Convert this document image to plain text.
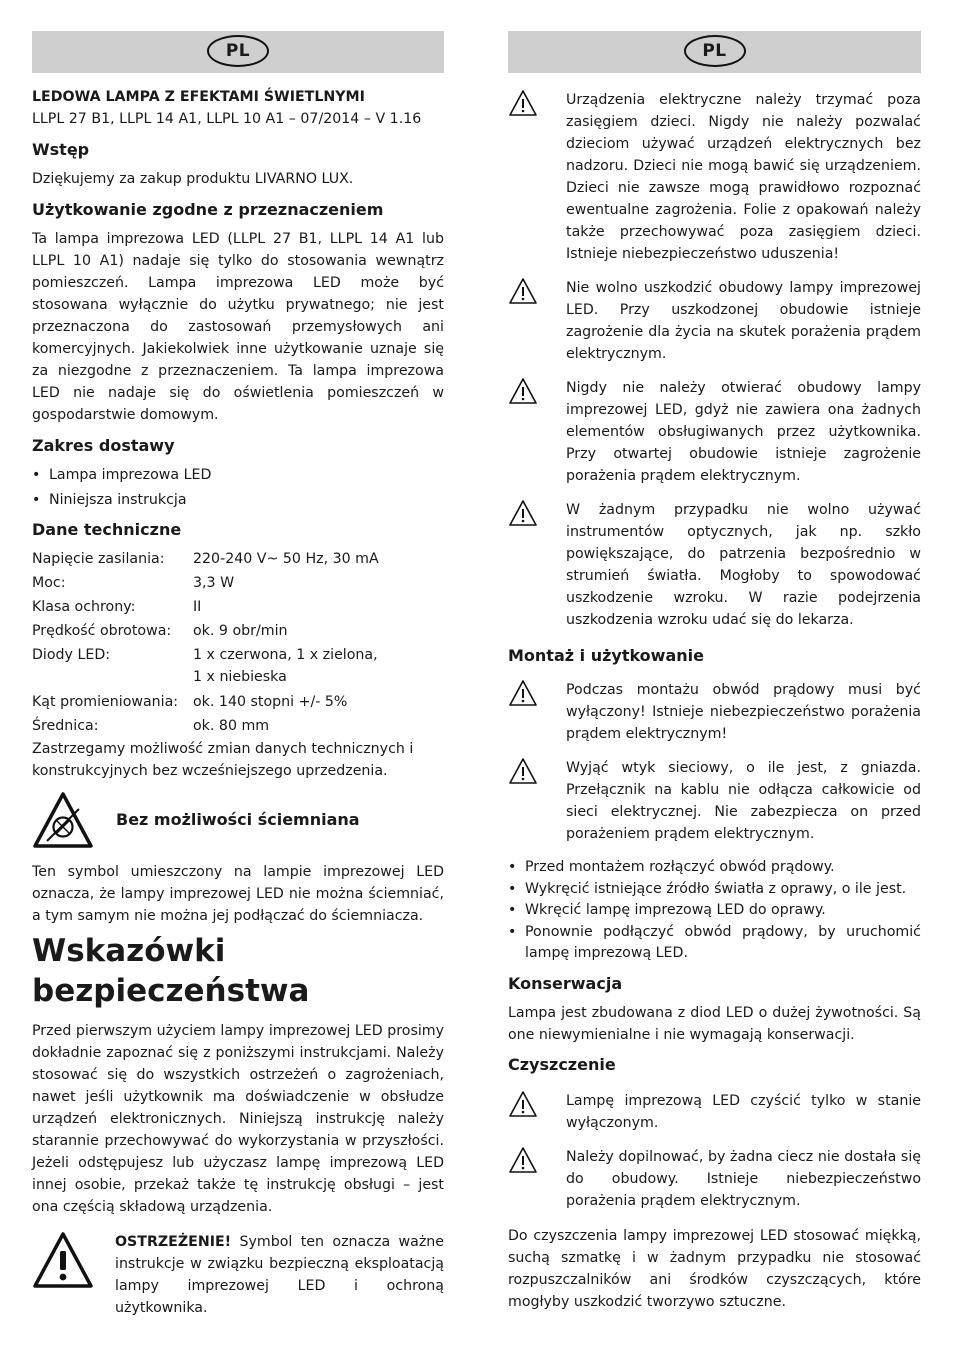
PL

LEDOWA LAMPA Z EFEKTAMI ŚWIETLNYMI

LLPL 27 B1, LLPL 14 A1, LLPL 10 A1 – 07/2014 – V 1.16

Wstęp

Dziękujemy za zakup produktu LIVARNO LUX.

Użytkowanie zgodne z przeznaczeniem

Ta lampa imprezowa LED (LLPL 27 B1, LLPL 14 A1 lub LLPL 10 A1) nadaje się tylko do stosowania wewnątrz pomieszczeń. Lampa imprezowa LED może być stosowana wyłącznie do użytku prywatnego; nie jest przeznaczona do zastosowań przemysłowych ani komercyjnych. Jakiekolwiek inne użytkowanie uznaje się za niezgodne z przeznaczeniem. Ta lampa imprezowa LED nie nadaje się do oświetlenia pomieszczeń w gospodarstwie domowym.

Zakres dostawy

• Lampa imprezowa LED
• Niniejsza instrukcja

Dane techniczne

Napięcie zasilania:	220-240 V~ 50 Hz, 30 mA
Moc:	3,3 W
Klasa ochrony:	II
Prędkość obrotowa:	ok. 9 obr/min
Diody LED:	1 x czerwona, 1 x zielona,
1 x niebieska
Kąt promieniowania:	ok. 140 stopni +/- 5%
Średnica:	ok. 80 mm

Zastrzegamy możliwość zmian danych technicznych i konstrukcyjnych bez wcześniejszego uprzedzenia.

Bez możliwości ściemniana

Ten symbol umieszczony na lampie imprezowej LED oznacza, że lampy imprezowej LED nie można ściemniać, a tym samym nie można jej podłączać do ściemniacza.

Wskazówki

bezpieczeństwa

Przed pierwszym użyciem lampy imprezowej LED prosimy dokładnie zapoznać się z poniższymi instrukcjami. Należy stosować się do wszystkich ostrzeżeń o zagrożeniach, nawet jeśli użytkownik ma doświadczenie w obsłudze urządzeń elektronicznych. Niniejszą instrukcję należy starannie przechowywać do wykorzystania w przyszłości. Jeżeli odstępujesz lub użyczasz lampę imprezową LED innej osobie, przekaż także tę instrukcję obsługi – jest ona częścią składową urządzenia.

OSTRZEŻENIE! Symbol ten oznacza ważne instrukcje w związku bezpieczną eksploatacją lampy imprezowej LED i ochroną użytkownika.

PL

Urządzenia elektryczne należy trzymać poza zasięgiem dzieci. Nigdy nie należy pozwalać dzieciom używać urządzeń elektrycznych bez nadzoru. Dzieci nie mogą bawić się urządzeniem. Dzieci nie zawsze mogą prawidłowo rozpoznać ewentualne zagrożenia. Folie z opakowań należy także przechowywać poza zasięgiem dzieci. Istnieje niebezpieczeństwo uduszenia!

Nie wolno uszkodzić obudowy lampy imprezowej LED. Przy uszkodzonej obudowie istnieje zagrożenie dla życia na skutek porażenia prądem elektrycznym.

Nigdy nie należy otwierać obudowy lampy imprezowej LED, gdyż nie zawiera ona żadnych elementów obsługiwanych przez użytkownika. Przy otwartej obudowie istnieje zagrożenie porażenia prądem elektrycznym.

W żadnym przypadku nie wolno używać instrumentów optycznych, jak np. szkło powiększające, do patrzenia bezpośrednio w strumień światła. Mogłoby to spowodować uszkodzenie wzroku. W razie podejrzenia uszkodzenia wzroku udać się do lekarza.

Montaż i użytkowanie

Podczas montażu obwód prądowy musi być wyłączony! Istnieje niebezpieczeństwo porażenia prądem elektrycznym!

Wyjąć wtyk sieciowy, o ile jest, z gniazda. Przełącznik na kablu nie odłącza całkowicie od sieci elektrycznej. Nie zabezpiecza on przed porażeniem prądem elektrycznym.

• Przed montażem rozłączyć obwód prądowy.
• Wykręcić istniejące źródło światła z oprawy, o ile jest.
• Wkręcić lampę imprezową LED do oprawy.
• Ponownie podłączyć obwód prądowy, by uruchomić lampę imprezową LED.

Konserwacja

Lampa jest zbudowana z diod LED o dużej żywotności. Są one niewymienialne i nie wymagają konserwacji.

Czyszczenie

Lampę imprezową LED czyścić tylko w stanie wyłączonym.

Należy dopilnować, by żadna ciecz nie dostała się do obudowy. Istnieje niebezpieczeństwo porażenia prądem elektrycznym.

Do czyszczenia lampy imprezowej LED stosować miękką, suchą szmatkę i w żadnym przypadku nie stosować rozpuszczalników ani środków czyszczących, które mogłyby uszkodzić tworzywo sztuczne.
